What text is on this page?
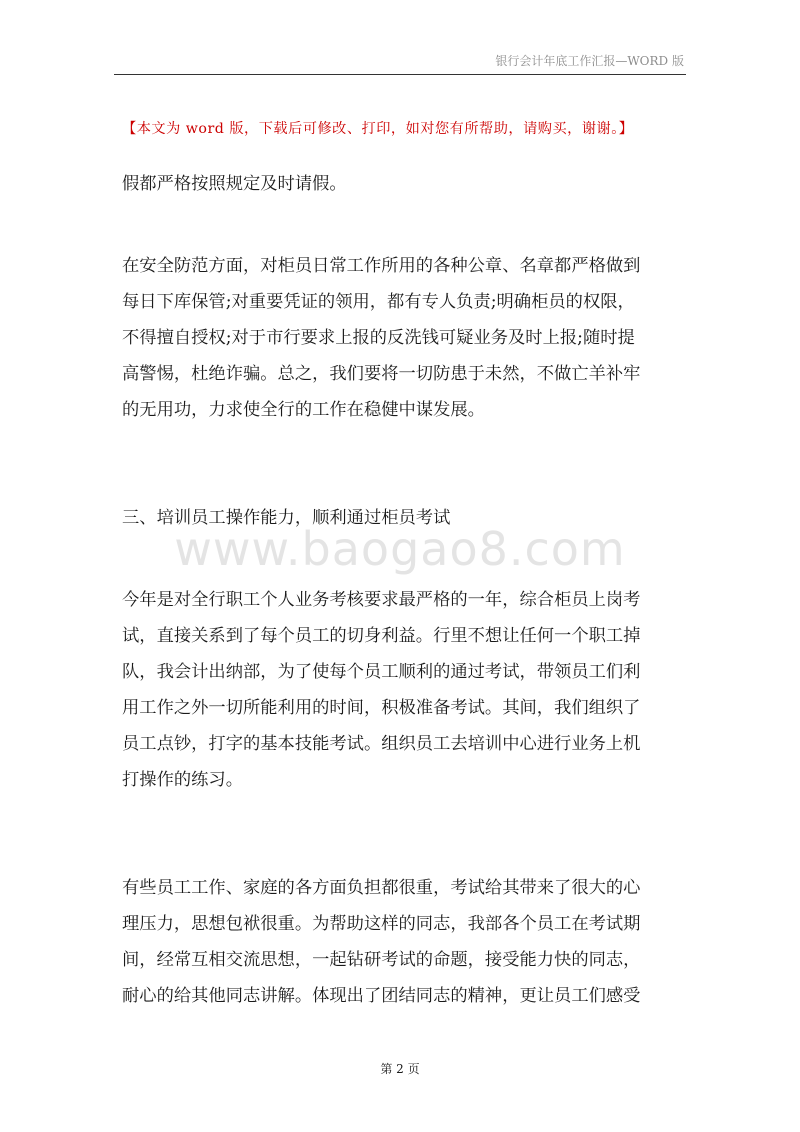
银行会计年底工作汇报—WORD 版
【本文为 word 版，下载后可修改、打印，如对您有所帮助，请购买，谢谢。】
假都严格按照规定及时请假。
在安全防范方面，对柜员日常工作所用的各种公章、名章都严格做到
每日下库保管;对重要凭证的领用，都有专人负责;明确柜员的权限，
不得擅自授权;对于市行要求上报的反洗钱可疑业务及时上报;随时提
高警惕，杜绝诈骗。总之，我们要将一切防患于未然，不做亡羊补牢
的无用功，力求使全行的工作在稳健中谋发展。
三、培训员工操作能力，顺利通过柜员考试
www.baogao8.com
今年是对全行职工个人业务考核要求最严格的一年，综合柜员上岗考
试，直接关系到了每个员工的切身利益。行里不想让任何一个职工掉
队，我会计出纳部，为了使每个员工顺利的通过考试，带领员工们利
用工作之外一切所能利用的时间，积极准备考试。其间，我们组织了
员工点钞，打字的基本技能考试。组织员工去培训中心进行业务上机
打操作的练习。
有些员工工作、家庭的各方面负担都很重，考试给其带来了很大的心
理压力，思想包袱很重。为帮助这样的同志，我部各个员工在考试期
间，经常互相交流思想，一起钻研考试的命题，接受能力快的同志，
耐心的给其他同志讲解。体现出了团结同志的精神，更让员工们感受
第 2 页
